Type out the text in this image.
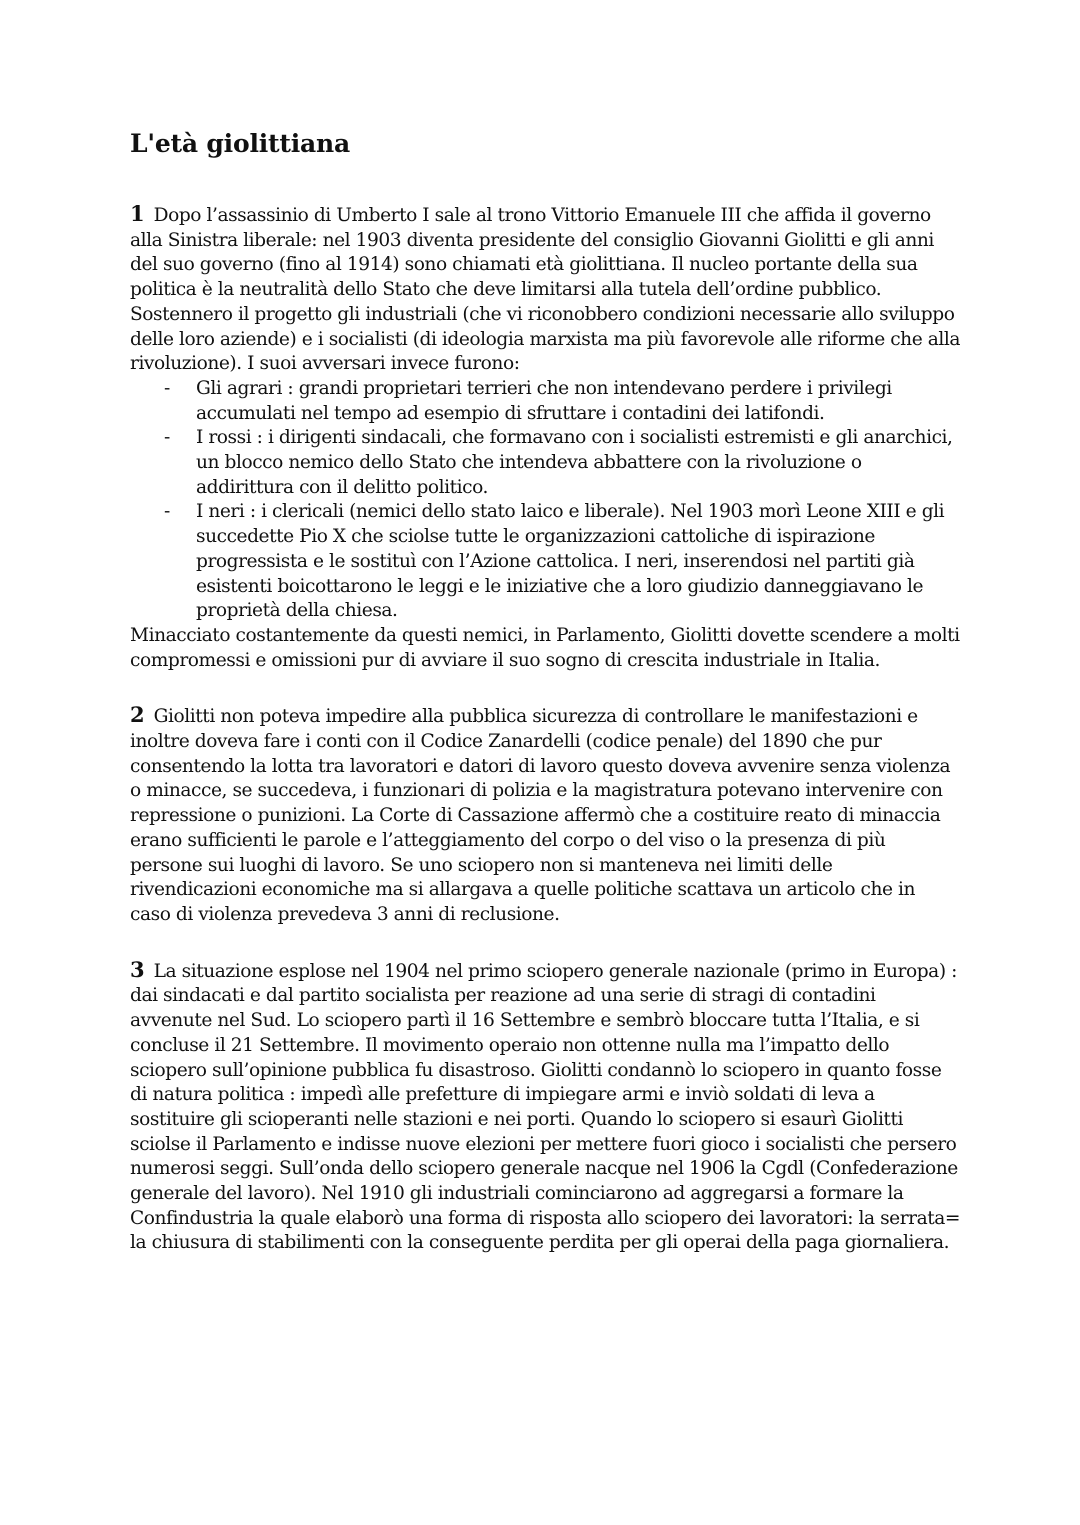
L'età giolittiana

1 Dopo l’assassinio di Umberto I sale al trono Vittorio Emanuele III che affida il governo alla Sinistra liberale: nel 1903 diventa presidente del consiglio Giovanni Giolitti e gli anni del suo governo (fino al 1914) sono chiamati età giolittiana. Il nucleo portante della sua politica è la neutralità dello Stato che deve limitarsi alla tutela dell’ordine pubblico. Sostennero il progetto gli industriali (che vi riconobbero condizioni necessarie allo sviluppo delle loro aziende) e i socialisti (di ideologia marxista ma più favorevole alle riforme che alla rivoluzione). I suoi avversari invece furono:

- Gli agrari : grandi proprietari terrieri che non intendevano perdere i privilegi accumulati nel tempo ad esempio di sfruttare i contadini dei latifondi.
- I rossi : i dirigenti sindacali, che formavano con i socialisti estremisti e gli anarchici, un blocco nemico dello Stato che intendeva abbattere con la rivoluzione o addirittura con il delitto politico.
- I neri : i clericali (nemici dello stato laico e liberale). Nel 1903 morì Leone XIII e gli succedette Pio X che sciolse tutte le organizzazioni cattoliche di ispirazione progressista e le sostituì con l’Azione cattolica. I neri, inserendosi nel partiti già esistenti boicottarono le leggi e le iniziative che a loro giudizio danneggiavano le proprietà della chiesa.

Minacciato costantemente da questi nemici, in Parlamento, Giolitti dovette scendere a molti compromessi e omissioni pur di avviare il suo sogno di crescita industriale in Italia.

2 Giolitti non poteva impedire alla pubblica sicurezza di controllare le manifestazioni e inoltre doveva fare i conti con il Codice Zanardelli (codice penale) del 1890 che pur consentendo la lotta tra lavoratori e datori di lavoro questo doveva avvenire senza violenza o minacce, se succedeva, i funzionari di polizia e la magistratura potevano intervenire con repressione o punizioni. La Corte di Cassazione affermò che a costituire reato di minaccia erano sufficienti le parole e l’atteggiamento del corpo o del viso o la presenza di più persone sui luoghi di lavoro. Se uno sciopero non si manteneva nei limiti delle rivendicazioni economiche ma si allargava a quelle politiche scattava un articolo che in caso di violenza prevedeva 3 anni di reclusione.

3 La situazione esplose nel 1904 nel primo sciopero generale nazionale (primo in Europa) : dai sindacati e dal partito socialista per reazione ad una serie di stragi di contadini avvenute nel Sud. Lo sciopero partì il 16 Settembre e sembrò bloccare tutta l’Italia, e si concluse il 21 Settembre. Il movimento operaio non ottenne nulla ma l’impatto dello sciopero sull’opinione pubblica fu disastroso. Giolitti condannò lo sciopero in quanto fosse di natura politica : impedì alle prefetture di impiegare armi e inviò soldati di leva a sostituire gli scioperanti nelle stazioni e nei porti. Quando lo sciopero si esaurì Giolitti sciolse il Parlamento e indisse nuove elezioni per mettere fuori gioco i socialisti che persero numerosi seggi. Sull’onda dello sciopero generale nacque nel 1906 la Cgdl (Confederazione generale del lavoro). Nel 1910 gli industriali cominciarono ad aggregarsi a formare la Confindustria la quale elaborò una forma di risposta allo sciopero dei lavoratori: la serrata= la chiusura di stabilimenti con la conseguente perdita per gli operai della paga giornaliera.
